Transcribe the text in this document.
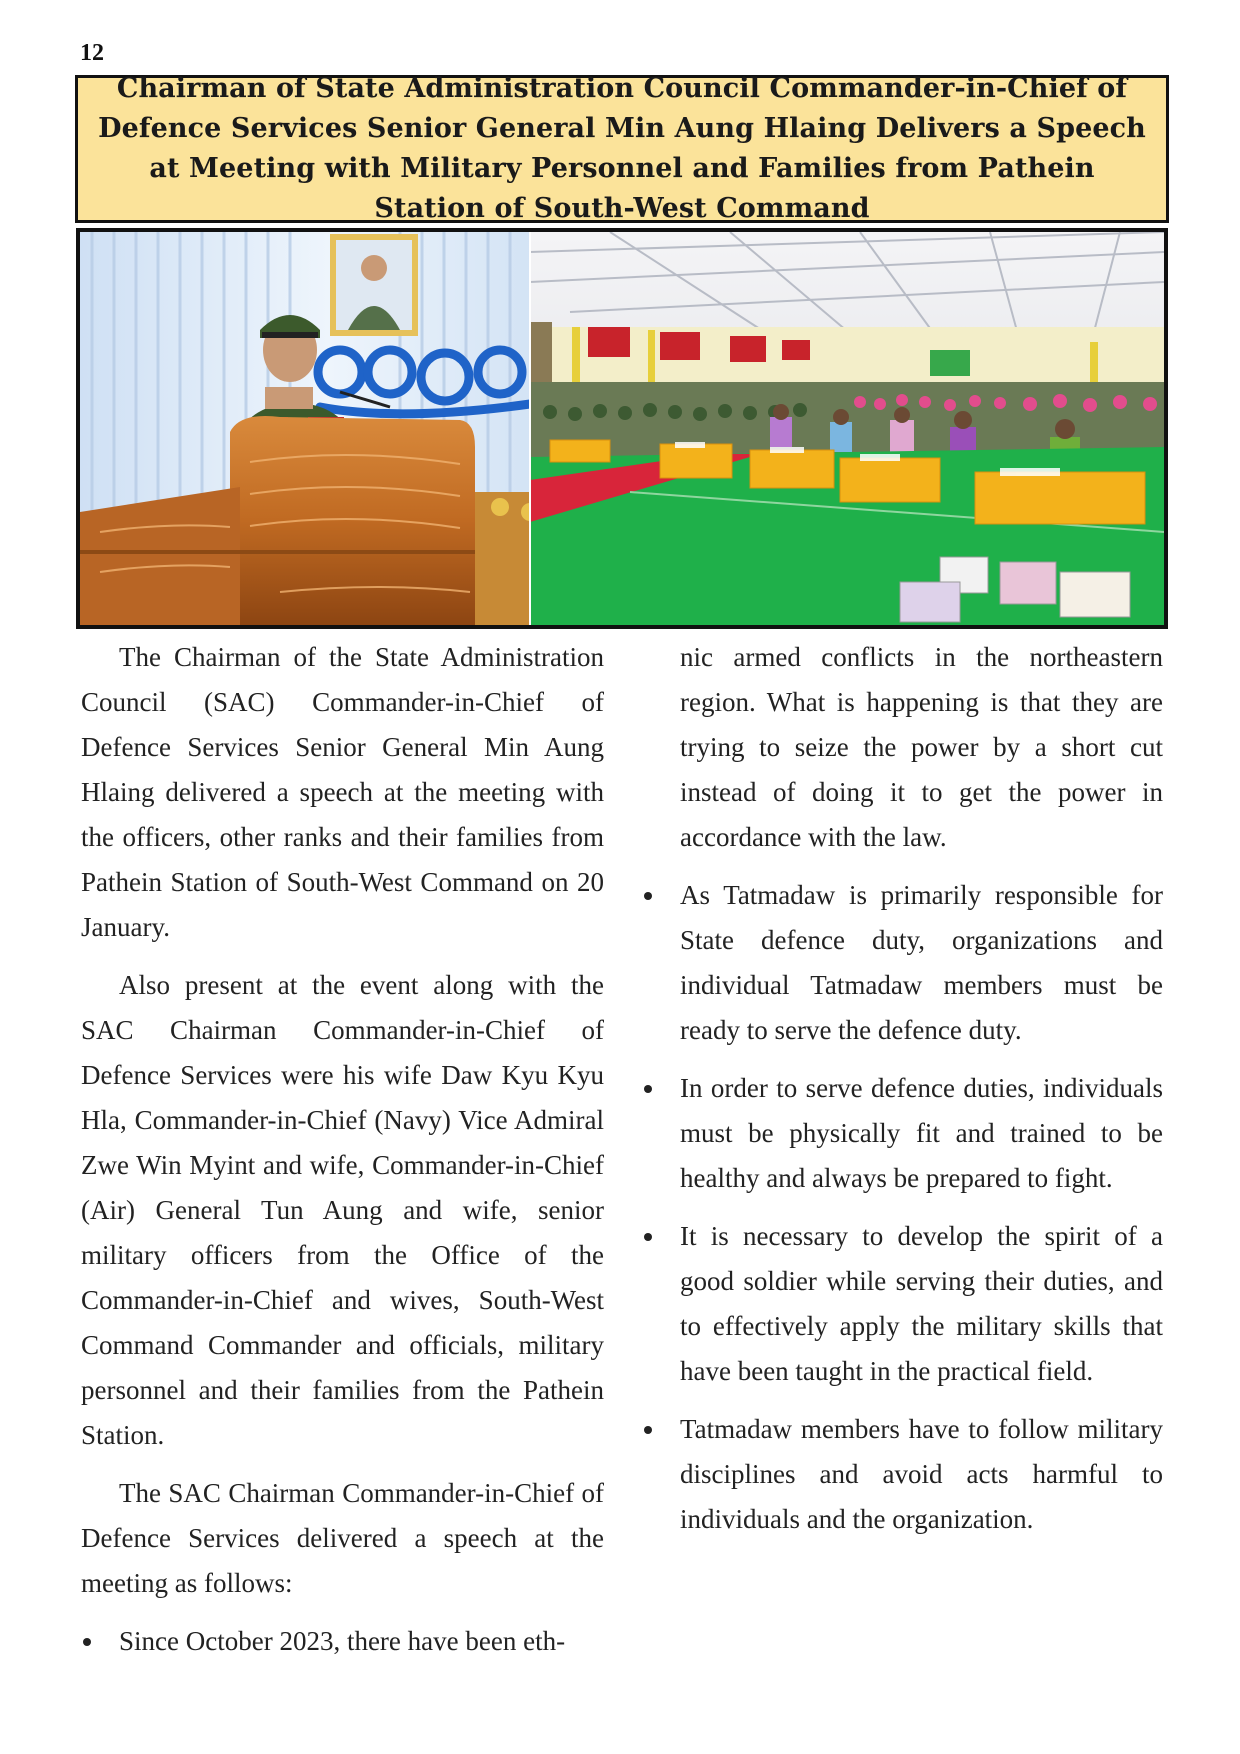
12
Chairman of State Administration Council Commander-in-Chief of Defence Services Senior General Min Aung Hlaing Delivers a Speech at Meeting with Military Personnel and Families from Pathein Station of South-West Command

The Chairman of the State Administration Council (SAC) Commander-in-Chief of Defence Services Senior General Min Aung Hlaing delivered a speech at the meeting with the officers, other ranks and their families from Pathein Station of South-West Command on 20 January.

Also present at the event along with the SAC Chairman Commander-in-Chief of Defence Services were his wife Daw Kyu Kyu Hla, Commander-in-Chief (Navy) Vice Admiral Zwe Win Myint and wife, Commander-in-Chief (Air) General Tun Aung and wife, senior military officers from the Office of the Commander-in-Chief and wives, South-West Command Commander and officials, military personnel and their families from the Pathein Station.

The SAC Chairman Commander-in-Chief of Defence Services delivered a speech at the meeting as follows:

Since October 2023, there have been eth-

nic armed conflicts in the northeastern region. What is happening is that they are trying to seize the power by a short cut instead of doing it to get the power in accordance with the law.

As Tatmadaw is primarily responsible for State defence duty, organizations and individual Tatmadaw members must be ready to serve the defence duty.
In order to serve defence duties, individuals must be physically fit and trained to be healthy and always be prepared to fight.
It is necessary to develop the spirit of a good soldier while serving their duties, and to effectively apply the military skills that have been taught in the practical field.
Tatmadaw members have to follow military disciplines and avoid acts harmful to individuals and the organization.
